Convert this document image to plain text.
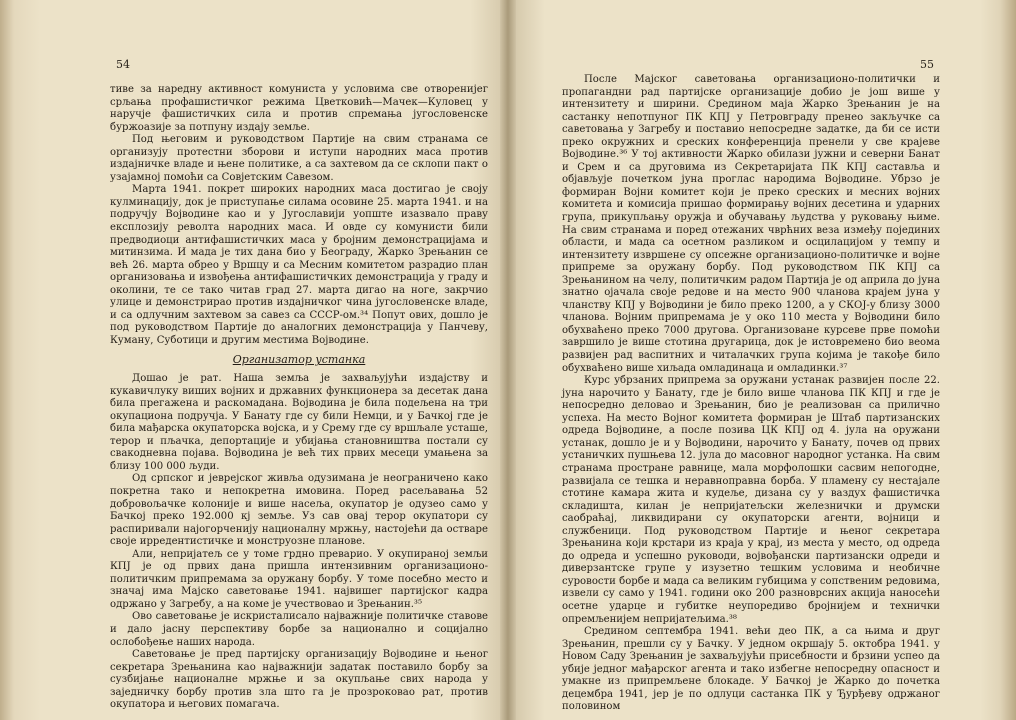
54

тиве за наредну активност комуниста у условима све отворенијег срљања профашистичког режима Цветковић—Мачек—Куловец у наручје фашистичких сила и против спремања југословенске буржоазије за потпуну издају земље.

Под његовим и руководством Партије на свим странама се организују протестни зборови и иступи народних маса против издајничке владе и њене политике, а са захтевом да се склопи пакт о узајамној помоћи са Совјетским Савезом.

Марта 1941. покрет широких народних маса достигао је своју кулминацију, док је приступање силама осовине 25. марта 1941. и на подручју Војводине као и у Југославији уопште изазвало праву експлозију револта народних маса. И овде су комунисти били предводиоци антифашистичких маса у бројним демонстрацијама и митинзима. И мада је тих дана био у Београду, Жарко Зрењанин се већ 26. марта обрео у Вршцу и са Месним комитетом разрадио план организовања и извођења антифашистичких демонстрација у граду и околини, те се тако читав град 27. марта дигао на ноге, закрчио улице и демонстрирао против издајничког чина југословенске владе, и са одлучним захтевом за савез са СССР-ом.³⁴ Попут ових, дошло је под руководством Партије до аналогних демонстрација у Панчеву, Куману, Суботици и другим местима Војводине.

Организатор устанка

Дошао је рат. Наша земља је захваљујући издајству и кукавичлуку виших војних и државних функционера за десетак дана била прегажена и раскомадана. Војводина је била подељена на три окупациона подручја. У Банату где су били Немци, и у Бачкој где је била мађарска окупаторска војска, и у Срему где су вршљале усташе, терор и пљачка, депортације и убијања становништва постали су свакодневна појава. Војводина је већ тих првих месеци умањена за близу 100 000 људи.

Од српског и јеврејског живља одузимана је неограничено како покретна тако и непокретна имовина. Поред расељавања 52 добровољачке колоније и више насеља, окупатор је одузео само у Бачкој преко 192.000 кј земље. Уз сав овај терор окупатори су распиривали најогорченију националну мржњу, настојећи да остваре своје ирредентистичке и монструозне планове.

Али, непријатељ се у томе грдно преварио. У окупираној земљи КПЈ је од првих дана пришла интензивним организационо-политичким припремама за оружану борбу. У томе посебно место и значај има Мајско саветовање 1941. највишег партијског кадра одржано у Загребу, а на коме је учествовао и Зрењанин.³⁵

Ово саветовање је искристалисало најважније политичке ставове и дало јасну перспективу борбе за национално и социјално ослобођење наших народа.

Саветовање је пред партијску организацију Војводине и њеног секретара Зрењанина као најважнији задатак поставило борбу за сузбијање националне мржње и за окупљање свих народа у заједничку борбу против зла што га је прозроковао рат, против окупатора и његових помагача.

55

После Мајског саветовања организационо-политички и пропагандни рад партијске организације добио је још више у интензитету и ширини. Средином маја Жарко Зрењанин је на састанку непотпуног ПК КПЈ у Петровграду пренео закључке са саветовања у Загребу и поставио непосредне задатке, да би се исти преко окружних и среских конференција пренели у све крајеве Војводине.³⁶ У тој активности Жарко обилази јужни и северни Банат и Срем и са друговима из Секретаријата ПК КПЈ саставља и објављује почетком јуна проглас народима Војводине. Убрзо је формиран Војни комитет који је преко среских и месних војних комитета и комисија пришао формирању војних десетина и ударних група, прикупљању оружја и обучавању људства у руковању њиме. На свим странама и поред отежаних чврћних веза између појединих области, и мада са осетном разликом и осцилацијом у темпу и интензитету извршене су опсежне организационо-политичке и војне припреме за оружану борбу. Под руководством ПК КПЈ са Зрењанином на челу, политичким радом Партија је од априла до јуна знатно ојачала своје редове и на место 900 чланова крајем јуна у чланству КПЈ у Војводини је било преко 1200, а у СКОЈ-у близу 3000 чланова. Војним припремама је у око 110 места у Војводини било обухваћено преко 7000 другова. Организоване курсеве прве помоћи завршило је више стотина другарица, док је истовремено био веома развијен рад васпитних и читалачких група којима је такође било обухваћено више хиљада омладинаца и омладинки.³⁷

Курс убрзаних припрема за оружани устанак развијен после 22. јуна нарочито у Банату, где је било више чланова ПК КПЈ и где је непосредно деловао и Зрењанин, био је реализован са прилично успеха. На место Војног комитета формиран је Штаб партизанских одреда Војводине, а после позива ЦК КПЈ од 4. јула на оружани устанак, дошло је и у Војводини, нарочито у Банату, почев од првих устаничких пушњева 12. јула до масовног народног устанка. На свим странама простране равнице, мала морфолошки сасвим непогодне, развијала се тешка и неравноправна борба. У пламену су нестајале стотине камара жита и кудеље, дизана су у ваздух фашистичка складишта, килан је непријатељски железнички и друмски саобраћај, ликвидирани су окупаторски агенти, војници и службеници. Под руководством Партије и њеног секретара Зрењанина који крстари из краја у крај, из места у место, од одреда до одреда и успешно руководи, војвођански партизански одреди и диверзантске групе у изузетно тешким условима и необичне суровости борбе и мада са великим губицима у сопственим редовима, извели су само у 1941. години око 200 разноврсних акција наносећи осетне ударце и губитке неупоредиво бројнијем и технички опремљенијем непријатељима.³⁸

Средином септембра 1941. већи део ПК, а са њима и друг Зрењанин, прешли су у Бачку. У једном окршају 5. октобра 1941. у Новом Саду Зрењанин је захваљујући присебности и брзини успео да убије једног мађарског агента и тако избегне непосредну опасност и умакне из припремљене блокаде. У Бачкој је Жарко до почетка децембра 1941, јер је по одлуци састанка ПК у Ђурђеву одржаног половином
